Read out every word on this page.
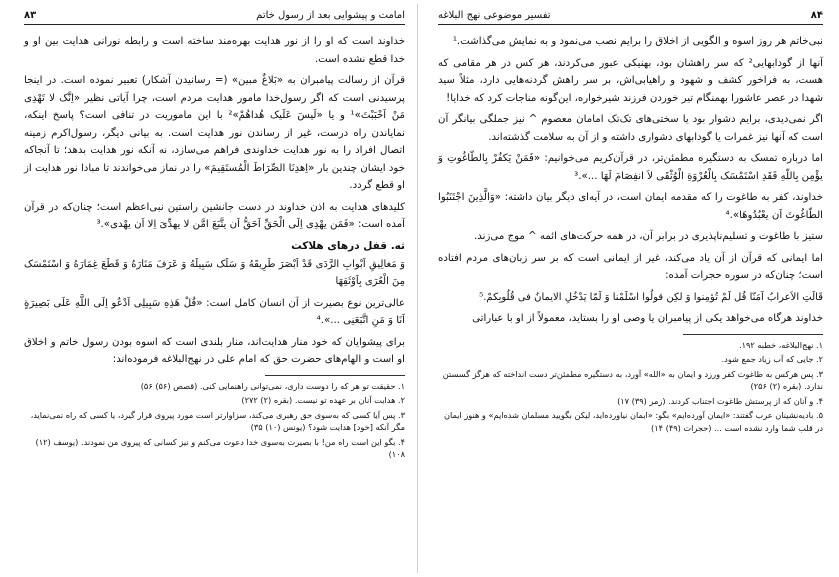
۸۴
تفسیر موضوعی نهج البلاغه

نبی‌خاتم هر روز اسوه و الگویی از اخلاق را برایم نصب می‌نمود و به نمایش می‌گذاشت.¹

آنها از گودابهایی² که سر راهشان بود، بهنیکی عبور می‌کردند، هر کس در هر مقامی که هست، به فراخور کشف و شهود و راهیابی‌اش، بر سر راهش گردنه‌هایی دارد، مثلاً سید شهدا در عصر عاشورا بهمنگام تیر خوردن فرزند شیرخواره، این‌گونه مناجات کرد که خدایا!

اگر نمی‌دیدی، برایم دشوار بود یا سختی‌های تک‌تک امامان معصوم ^ نیز جملگی بیانگر آن است که آنها نیز غمرات یا گودابهای دشواری داشته و از آن به سلامت گذشته‌اند.

اما درباره تمسک به دستگیره مطمئن‌تر، در قرآن‌کریم می‌خوانیم: «فَمَنْ یَکفُرْ بِالطّاغُوتِ وَ یؤْمِن بِاللّهِ فَقَدِ اسْتَمْسَک بِالْعُرْوَةِ الْوُثْقَی لاَ انفِصَامَ لَهَا ...».³

خداوند، کفر به طاغوت را که مقدمه ایمان است، در آیه‌ای دیگر بیان داشته: «وَالَّذِینَ اجْتَنَبُوا الطّاغُوتَ اَن یعْبُدُوهَا».⁴

ستیز با طاغوت و تسلیم‌ناپذیری در برابر آن، در همه حرکت‌های ائمه ^ موج می‌زند.

اما ایمانی که قرآن از آن یاد می‌کند، غیر از ایمانی است که بر سر زبان‌های مردم افتاده است؛ چنان‌که در سوره حجرات آمده:

قَالَتِ الاَعرابُ آمَنّا قُل لَمْ تُؤمِنوا وَ لکِن قولُوا اسْلَمْنا وَ لَمّا یَدْخُلِ الایمانُ فی قُلُوبِکمْ.⁵

خداوند هرگاه می‌خواهد یکی از پیامبران یا وصی او را بستاید، معمولاً از او با عباراتی

۱. نهج‌البلاغه، خطبه ۱۹۲.
۲. جایی که آب زیاد جمع شود.
۳. پس هرکس به طاغوت کفر ورزد و ایمان به «الله» آورد، به دستگیره مطمئن‌تر دست انداخته که هرگز گسستن ندارد. (بقره (۲) ۲۵۶)
۴. و آنان که از پرستش طاغوت اجتناب کردند. (زمر (۳۹) ۱۷)
۵. بادیه‌نشینان عرب گفتند: «ایمان آورده‌ایم» بگو: «ایمان نیاورده‌اید، لیکن بگویید مسلمان شده‌ایم» و هنوز ایمان در قلب شما وارد نشده است ... (حجرات (۴۹) ۱۴)
امامت و پیشوایی بعد از رسول خاتم
۸۳

خداوند است که او را از نور هدایت بهره‌مند ساخته است و رابطه نورانی هدایت بین او و خدا قطع نشده است.

قرآن از رسالت پیامبران به «بَلاغٌ مبین» (= رسانیدن آشکار) تعبیر نموده است. در اینجا پرسیدنی است که اگر رسول‌خدا مامور هدایت مردم است، چرا آیاتی نظیر «اِنَّک لا تَهْدِی مَنْ اَحْبَبْتَ»¹ و یا «لَیسَ عَلَیک هُداهُمْ»² با این ماموریت در تنافی است؟ پاسخ اینکه، نمایاندن راه درست، غیر از رساندن نور هدایت است. به بیانی دیگر، رسول‌اکرم زمینه اتصال افراد را به نور هدایت خداوندی فراهم می‌سازد، نه آنکه نور هدایت بدهد؛ تا آنجاکه خود ایشان چندین بار «اِهدِنَا الصِّرَاطَ الْمُستَقِیمَ» را در نماز می‌خواندند تا مبادا نور هدایت از او قطع گردد.

کلیدهای هدایت به اذن خداوند در دست جانشین راستین نبی‌اعظم است؛ چنان‌که در قرآن آمده است: «فَمَن یهْدِی اِلَی الْحَقِّ اَحَقُّ اَن یتَّبَعَ امَّن لا یهدِّیَ اِلا اَن یهْدی».³

ثه. قفل درهای هلاکت

وَ مَغالِیقِ اَبْوابِ الرَّدَی قَدْ اَبْصَرَ طَرِیقَهُ وَ سَلَک سَبِیلَهُ وَ عَرَفَ مَنَارَهُ وَ قَطَعَ غِمَارَهُ وَ اسْتَمْسَک مِنَ الْعُرَی بِاَوْثَقِهَا

عالی‌ترین نوع بصیرت از آن انسان کامل است: «قُلْ هَذِهِ سَبِیلِی اَدْعُو اِلَی اللَّهِ عَلَی بَصِیرَةٍ اَنَا وَ مَنِ اتَّبَعَنِی ...».⁴

برای پیشوایان که خود منار هدایت‌اند، منار بلندی است که اسوه بودن رسول خاتم و اخلاق او است و الهام‌های حضرت حق که امام علی در نهج‌البلاغه فرموده‌اند:

۱. حقیقت تو هر که را دوست داری، نمی‌توانی راهنمایی کنی. (قصص (۵۶) ۵۶)
۲. هدایت آنان بر عهده تو نیست. (بقره (۲) ۲۷۲)
۳. پس آیا کسی که به‌سوی حق رهبری می‌کند، سزاوارتر است مورد پیروی قرار گیرد، یا کسی که راه نمی‌نماید، مگر آنکه [خود] هدایت شود؟ (یونس (۱۰) ۳۵)
۴. بگو این است راه من! با بصیرت به‌سوی خدا دعوت می‌کنم و نیز کسانی که پیروی من نمودند. (یوسف (۱۲) ۱۰۸)
